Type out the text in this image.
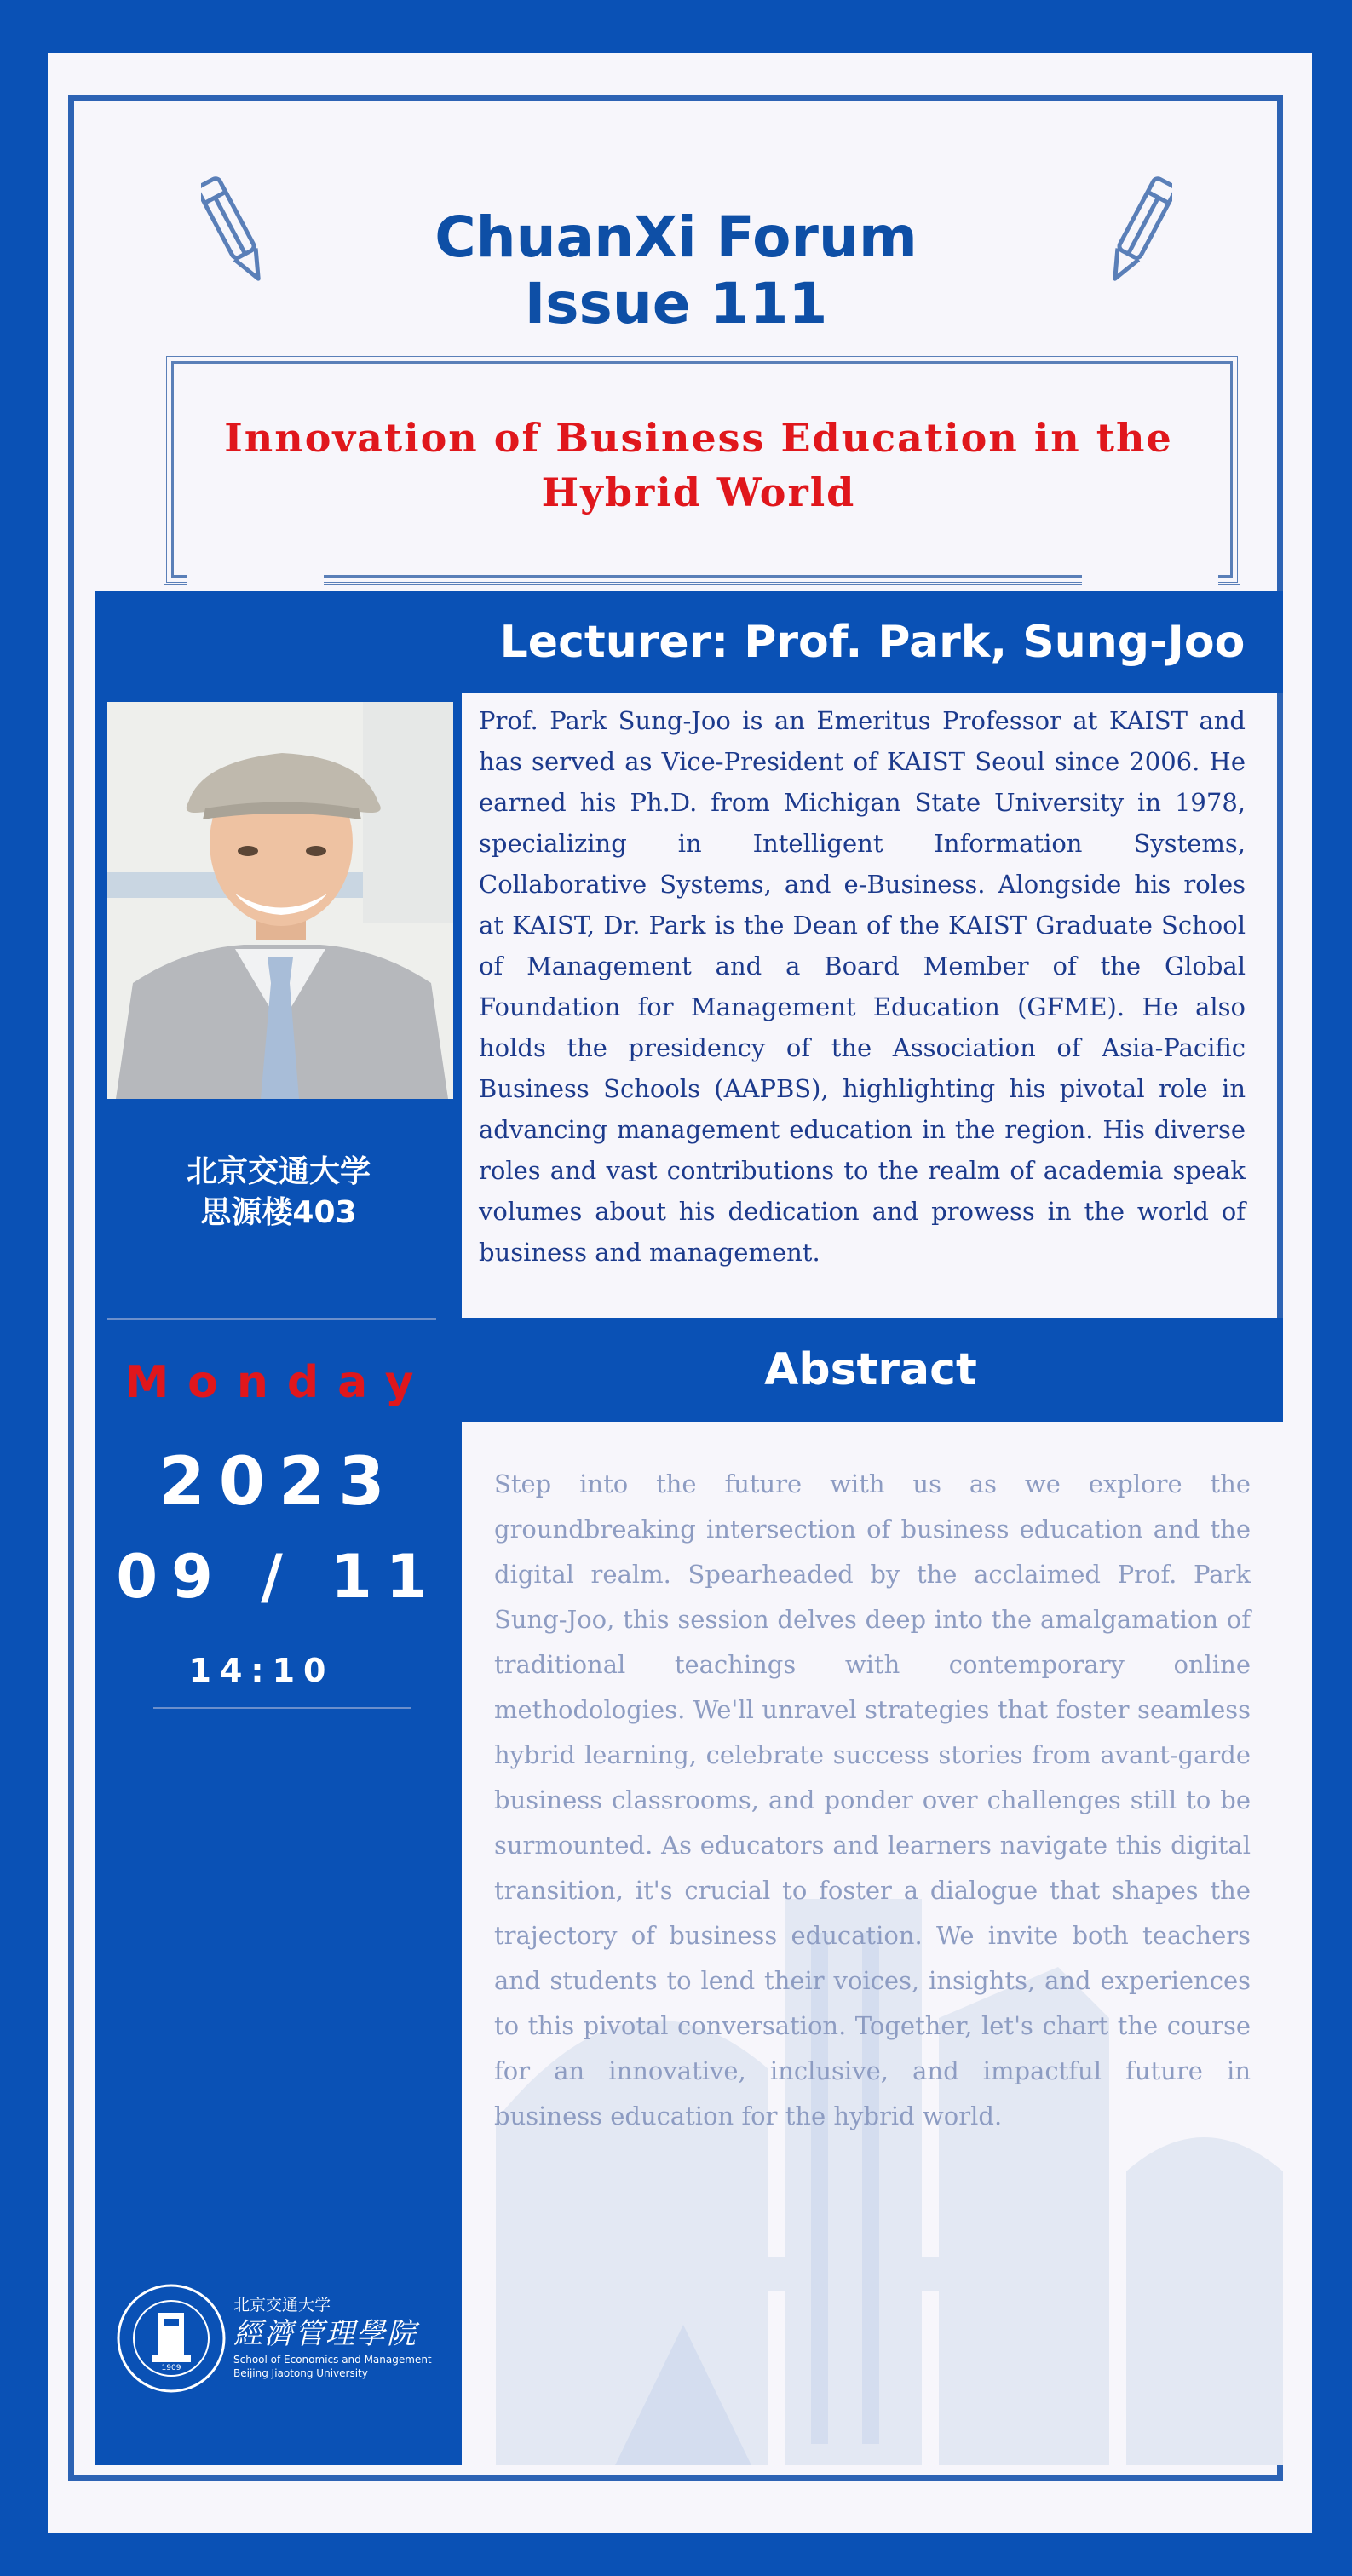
ChuanXi Forum
Issue 111
Innovation of Business Education in the
Hybrid World
Lecturer: Prof. Park, Sung-Joo
Prof. Park Sung-Joo is an Emeritus Professor at KAIST and has served as Vice-President of KAIST Seoul since 2006. He earned his Ph.D. from Michigan State University in 1978, specializing in Intelligent Information Systems, Collaborative Systems, and e-Business. Alongside his roles at KAIST, Dr. Park is the Dean of the KAIST Graduate School of Management and a Board Member of the Global Foundation for Management Education (GFME). He also holds the presidency of the Association of Asia-Pacific Business Schools (AAPBS), highlighting his pivotal role in advancing management education in the region. His diverse roles and vast contributions to the realm of academia speak volumes about his dedication and prowess in the world of business and management.
北京交通大学
思源楼403
Abstract
Monday
2023
09 / 11
14:10
Step into the future with us as we explore the groundbreaking intersection of business education and the digital realm. Spearheaded by the acclaimed Prof. Park Sung-Joo, this session delves deep into the amalgamation of traditional teachings with contemporary online methodologies. We'll unravel strategies that foster seamless hybrid learning, celebrate success stories from avant-garde business classrooms, and ponder over challenges still to be surmounted. As educators and learners navigate this digital transition, it's crucial to foster a dialogue that shapes the trajectory of business education. We invite both teachers and students to lend their voices, insights, and experiences to this pivotal conversation. Together, let's chart the course for an innovative, inclusive, and impactful future in business education for the hybrid world.
1909
北京交通大学
經濟管理學院
School of Economics and Management
Beijing Jiaotong University
